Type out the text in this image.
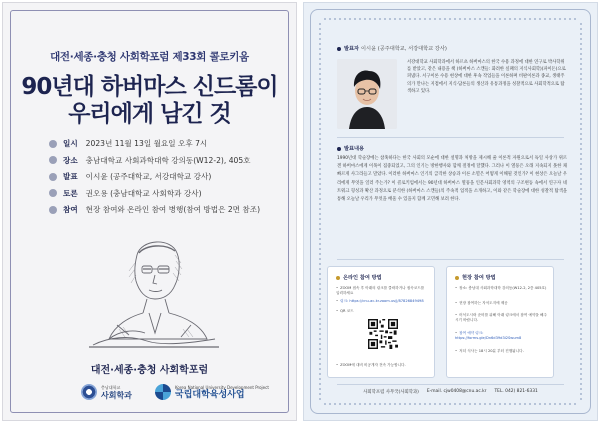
대전·세종·충청 사회학포럼 제33회 콜로키움
90년대 하버마스 신드롬이
우리에게 남긴 것
일시 2023년 11월 13일 월요일 오후 7시
장소 충남대학교 사회과학대학 강의동(W12-2), 405호
발표 이시윤 (공주대학교, 서강대학교 강사)
토론 권오용 (충남대학교 사회학과 강사)
참여 현장 참여와 온라인 참여 병행(참여 방법은 2면 참조)
대전·세종·충청 사회학포럼
충남대학교
사회학과
Korea National University Development Project
국립대학육성사업
발표자 이시윤 (공주대학교, 서강대학교 강사)
서강대학교 사회학과에서 하르츠 하버마스의 한국 수용 과정에 대한 연구로 박사학위를 받았고, 같은 내용을 책 (하버마스 스캔들: 화려한 실패의 지식사회학)(파이돈)으로 펴냈다. 서구이론 수용 현상에 대한 후속 작업들을 이론하며 비판이론과 종교, 생태주의가 만나는 지점에서 지식·담론들의 생산과 유통과정을 성찰적으로 사회학적으로 탐색하고 있다.
발표내용
1990년대 학술장에는 참혹하다는 한국 사회의 모순에 대한 설명과 처방을 제시해 줄 이론적 자원으로서 독일 사상가 위르겐 하버마스에게 이목이 집중되었고, 그의 인기는 방한행사와 함께 절정에 달했다. 그러나 이 열풍은 오래 지속되지 못한 채 빠르게 사그라들고 말았다. 이러한 하버마스 인기의 급격한 상승과 이른 소멸은 어떻게 이해될 것인가? 이 현상은 오늘날 우리에게 무엇을 일러 주는가? 이 콜로키엄에서는 90년대 하버마스 열풍을 인문사회과학 영역의 구조변동 속에서 연구자 네트워크 형성과 확산 과정으로 분석한 (하버마스 스캔들)의 주속적 업적을 소개하고, 이와 같은 학술장에 대한 성찰적 탐색을 통해 오늘날 우리가 무엇을 배울 수 있을지 함께 고민해 보려 한다.
온라인 참여 방법
• ZOOM 접속 후 아래의 링크를 클릭하거나 접속코드를 입력하세요
• 링크: https://cnu-ac-kr.zoom.us/j/87826849498
• QR 코드
• ZOOM에 대비 비공개자 전속 가능합니다.
현장 참여 방법
• 장소: 충남대 사회과학대학 강의동(W12-2, 2층 405호)
• 현장 참여하는 자석도지에 제공
• 어석도시락 준비를 위해 아래 링크에서 참여 예약을 해주시기 바랍니다.
• 참여 예약 링크: https://forms.gle/Dn6d39d3i2Swum8
• 저녁 식사는 18시 20분 부터 진행됩니다.
사회학포럼 사무국(사회학과) E-mail. cjw0408@cnu.ac.kr TEL. 042) 821-6331
